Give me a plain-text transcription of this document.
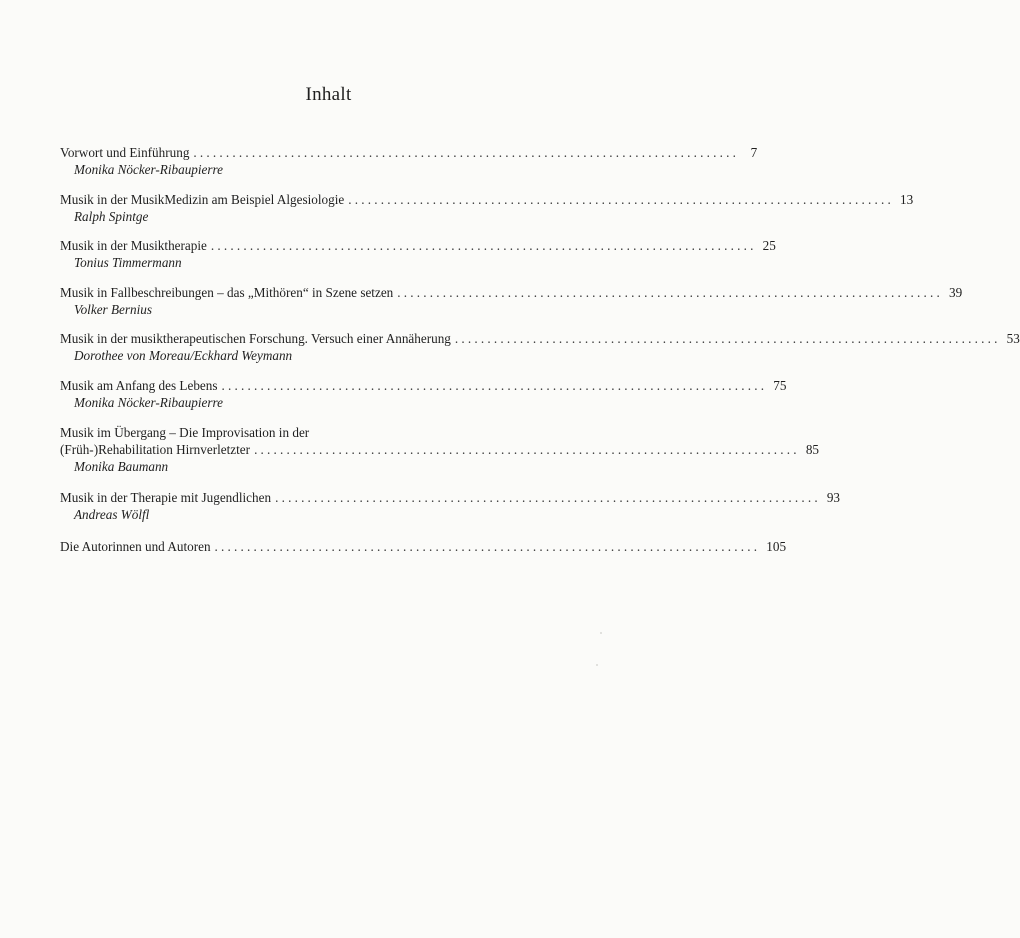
Inhalt
Vorwort und Einführung .................................................................................... 7
Monika Nöcker-Ribaupierre
Musik in der MusikMedizin am Beispiel Algesiologie .................................................................................... 13
Ralph Spintge
Musik in der Musiktherapie .................................................................................... 25
Tonius Timmermann
Musik in Fallbeschreibungen – das „Mithören“ in Szene setzen .................................................................................... 39
Volker Bernius
Musik in der musiktherapeutischen Forschung. Versuch einer Annäherung .................................................................................... 53
Dorothee von Moreau/Eckhard Weymann
Musik am Anfang des Lebens .................................................................................... 75
Monika Nöcker-Ribaupierre
Musik im Übergang – Die Improvisation in der
(Früh-)Rehabilitation Hirnverletzter .................................................................................... 85
Monika Baumann
Musik in der Therapie mit Jugendlichen .................................................................................... 93
Andreas Wölfl
Die Autorinnen und Autoren .................................................................................... 105
